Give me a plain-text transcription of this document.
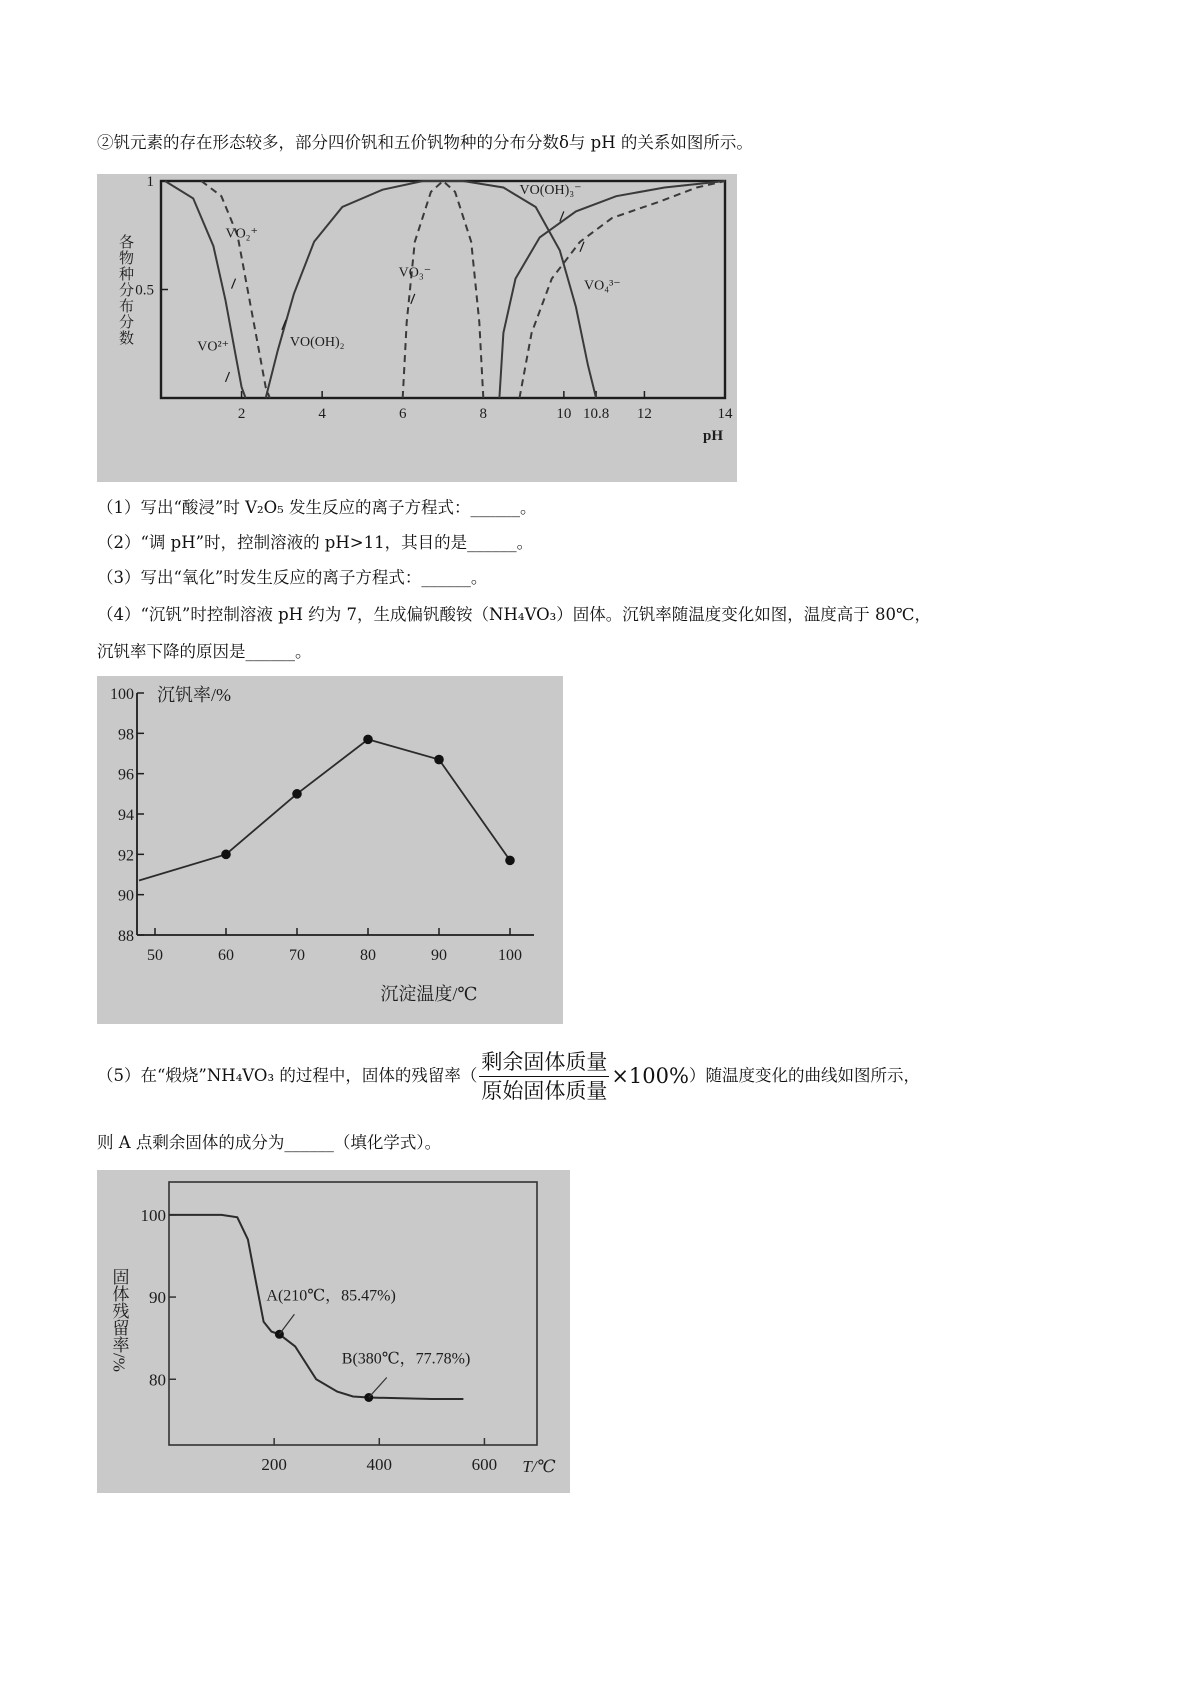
②钒元素的存在形态较多，部分四价钒和五价钒物种的分布分数δ与 pH 的关系如图所示。
2	4	6	8	10 10.8 12	14
1
0.5
pH
各物种分布分数
VO²⁺
VO₂⁺
VO(OH)₂
VO₃⁻
VO(OH)₃⁻
VO₄³⁻
（1）写出“酸浸”时 V₂O₅ 发生反应的离子方程式：______。
（2）“调 pH”时，控制溶液的 pH>11，其目的是______。
（3）写出“氧化”时发生反应的离子方程式：______。
（4）“沉钒”时控制溶液 pH 约为 7，生成偏钒酸铵（NH₄VO₃）固体。沉钒率随温度变化如图，温度高于 80℃，
沉钒率下降的原因是______。
100
98
96
94
92
90
88
50	60	70	80	90	100
沉钒率/%
沉淀温度/℃
（5）在“煅烧”NH₄VO₃ 的过程中，固体的残留率（ $\frac{\text{剩余固体质量}}{\text{原始固体质量}} \times 100\%$ ）随温度变化的曲线如图所示，
则 A 点剩余固体的成分为______（填化学式）。
100
90
80
200	400	600 T/℃
固体残留率/%	A(210℃，85.47%)
B(380℃，77.78%)
